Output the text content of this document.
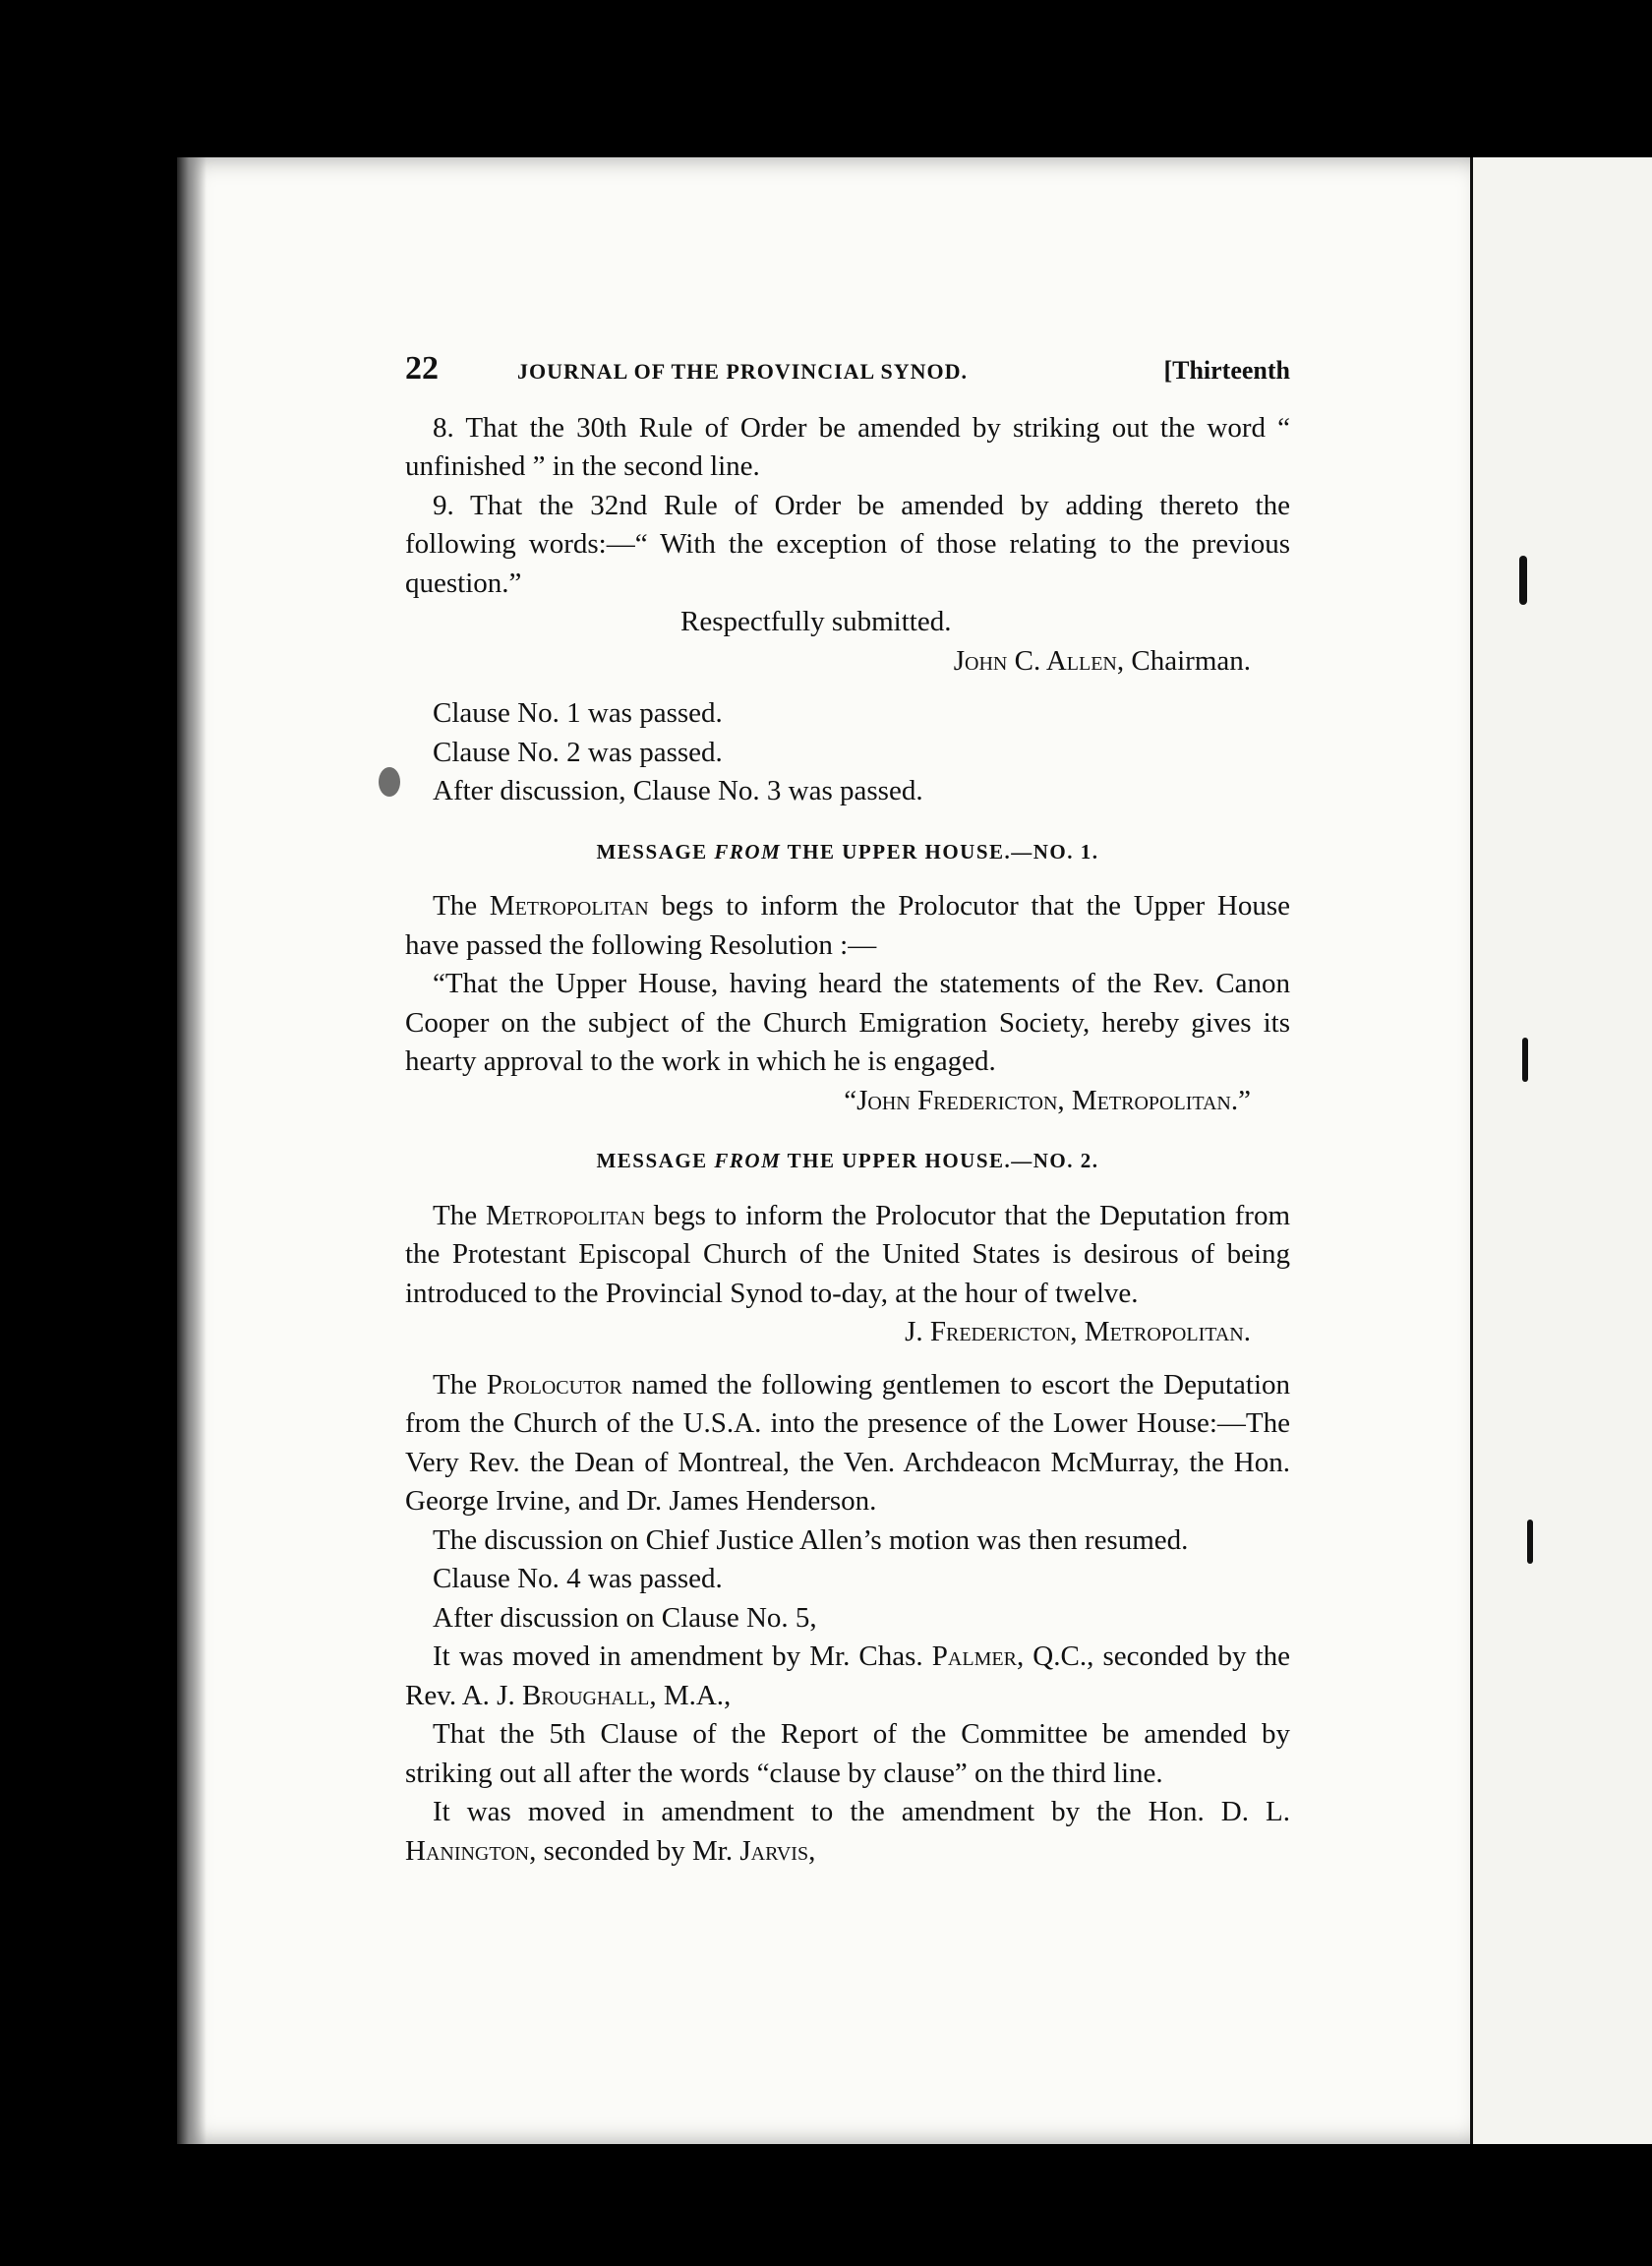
22	JOURNAL OF THE PROVINCIAL SYNOD.	[Thirteenth

8. That the 30th Rule of Order be amended by striking out the word “ unfinished ” in the second line.

9. That the 32nd Rule of Order be amended by adding thereto the following words:—“ With the exception of those relating to the previous question.”

Respectfully submitted.

John C. Allen, Chairman.

Clause No. 1 was passed.

Clause No. 2 was passed.

After discussion, Clause No. 3 was passed.

MESSAGE FROM THE UPPER HOUSE.—NO. 1.

The Metropolitan begs to inform the Prolocutor that the Upper House have passed the following Resolution :—

“That the Upper House, having heard the statements of the Rev. Canon Cooper on the subject of the Church Emigration Society, hereby gives its hearty approval to the work in which he is engaged.

“John Fredericton, Metropolitan.”

MESSAGE FROM THE UPPER HOUSE.—NO. 2.

The Metropolitan begs to inform the Prolocutor that the Deputation from the Protestant Episcopal Church of the United States is desirous of being introduced to the Provincial Synod to-day, at the hour of twelve.

J. Fredericton, Metropolitan.

The Prolocutor named the following gentlemen to escort the Deputation from the Church of the U.S.A. into the presence of the Lower House:—The Very Rev. the Dean of Montreal, the Ven. Archdeacon McMurray, the Hon. George Irvine, and Dr. James Henderson.

The discussion on Chief Justice Allen’s motion was then resumed.

Clause No. 4 was passed.

After discussion on Clause No. 5,

It was moved in amendment by Mr. Chas. Palmer, Q.C., seconded by the Rev. A. J. Broughall, M.A.,

That the 5th Clause of the Report of the Committee be amended by striking out all after the words “clause by clause” on the third line.

It was moved in amendment to the amendment by the Hon. D. L. Hanington, seconded by Mr. Jarvis,
